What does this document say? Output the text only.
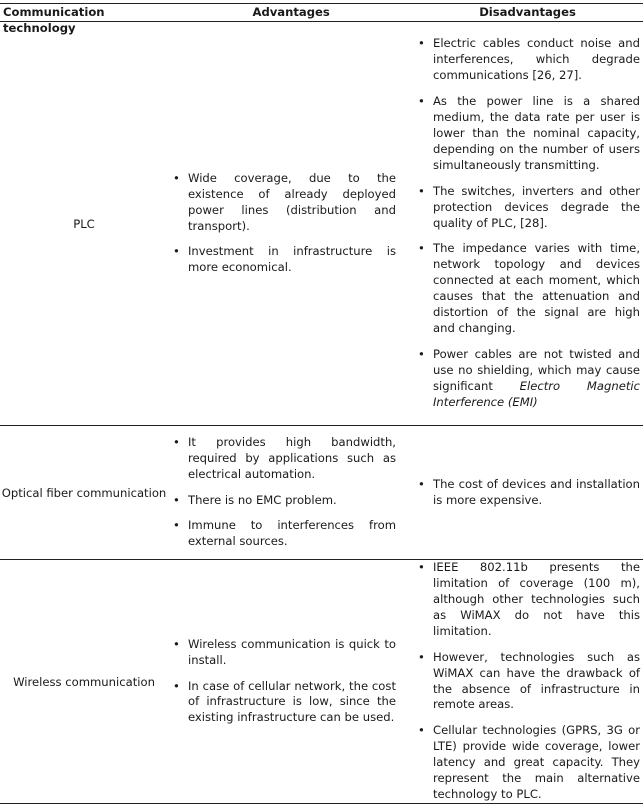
Communication technology
Advantages	Disadvantages
PLC
• Wide coverage, due to the existence of already deployed power lines (distribution and transport).
• Investment in infrastructure is more economical.
• Electric cables conduct noise and interferences, which degrade communications [26, 27].
• As the power line is a shared medium, the data rate per user is lower than the nominal capacity, depending on the number of users simultaneously transmitting.
• The switches, inverters and other protection devices degrade the quality of PLC, [28].
• The impedance varies with time, network topology and devices connected at each moment, which causes that the attenuation and distortion of the signal are high and changing.
• Power cables are not twisted and use no shielding, which may cause significant Electro Magnetic Interference (EMI)
Optical fiber communication
• It provides high bandwidth, required by applications such as electrical automation.
• There is no EMC problem.
• Immune to interferences from external sources.
• The cost of devices and installation is more expensive.
Wireless communication
• Wireless communication is quick to install.
• In case of cellular network, the cost of infrastructure is low, since the existing infrastructure can be used.
• IEEE 802.11b presents the limitation of coverage (100 m), although other technologies such as WiMAX do not have this limitation.
• However, technologies such as WiMAX can have the drawback of the absence of infrastructure in remote areas.
• Cellular technologies (GPRS, 3G or LTE) provide wide coverage, lower latency and great capacity. They represent the main alternative technology to PLC.
